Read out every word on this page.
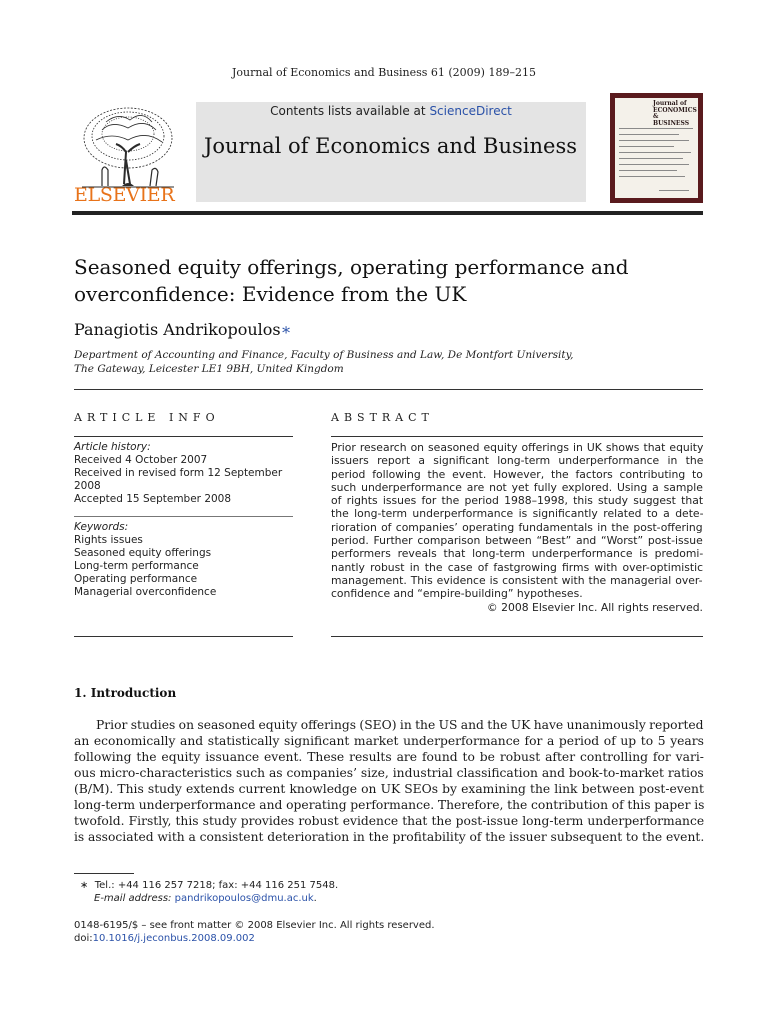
Journal of Economics and Business 61 (2009) 189–215
ELSEVIER
Contents lists available at ScienceDirect
Journal of Economics and Business
Journal of ECONOMICS & BUSINESS
Seasoned equity offerings, operating performance and
overconfidence: Evidence from the UK
Panagiotis Andrikopoulos∗
Department of Accounting and Finance, Faculty of Business and Law, De Montfort University,
The Gateway, Leicester LE1 9BH, United Kingdom
ARTICLE INFO
Article history:
Received 4 October 2007
Received in revised form 12 September
2008
Accepted 15 September 2008
Keywords:
Rights issues
Seasoned equity offerings
Long-term performance
Operating performance
Managerial overconfidence
ABSTRACT
Prior research on seasoned equity offerings in UK shows that equity
issuers report a significant long-term underperformance in the
period following the event. However, the factors contributing to
such underperformance are not yet fully explored. Using a sample
of rights issues for the period 1988–1998, this study suggest that
the long-term underperformance is significantly related to a dete-
rioration of companies’ operating fundamentals in the post-offering
period. Further comparison between “Best” and “Worst” post-issue
performers reveals that long-term underperformance is predomi-
nantly robust in the case of fastgrowing firms with over-optimistic
management. This evidence is consistent with the managerial over-
confidence and “empire-building” hypotheses.
© 2008 Elsevier Inc. All rights reserved.
1. Introduction
Prior studies on seasoned equity offerings (SEO) in the US and the UK have unanimously reported
an economically and statistically significant market underperformance for a period of up to 5 years
following the equity issuance event. These results are found to be robust after controlling for vari-
ous micro-characteristics such as companies’ size, industrial classification and book-to-market ratios
(B/M). This study extends current knowledge on UK SEOs by examining the link between post-event
long-term underperformance and operating performance. Therefore, the contribution of this paper is
twofold. Firstly, this study provides robust evidence that the post-issue long-term underperformance
is associated with a consistent deterioration in the profitability of the issuer subsequent to the event.
∗ Tel.: +44 116 257 7218; fax: +44 116 251 7548.
E-mail address: pandrikopoulos@dmu.ac.uk.
0148-6195/$ – see front matter © 2008 Elsevier Inc. All rights reserved.
doi:10.1016/j.jeconbus.2008.09.002
